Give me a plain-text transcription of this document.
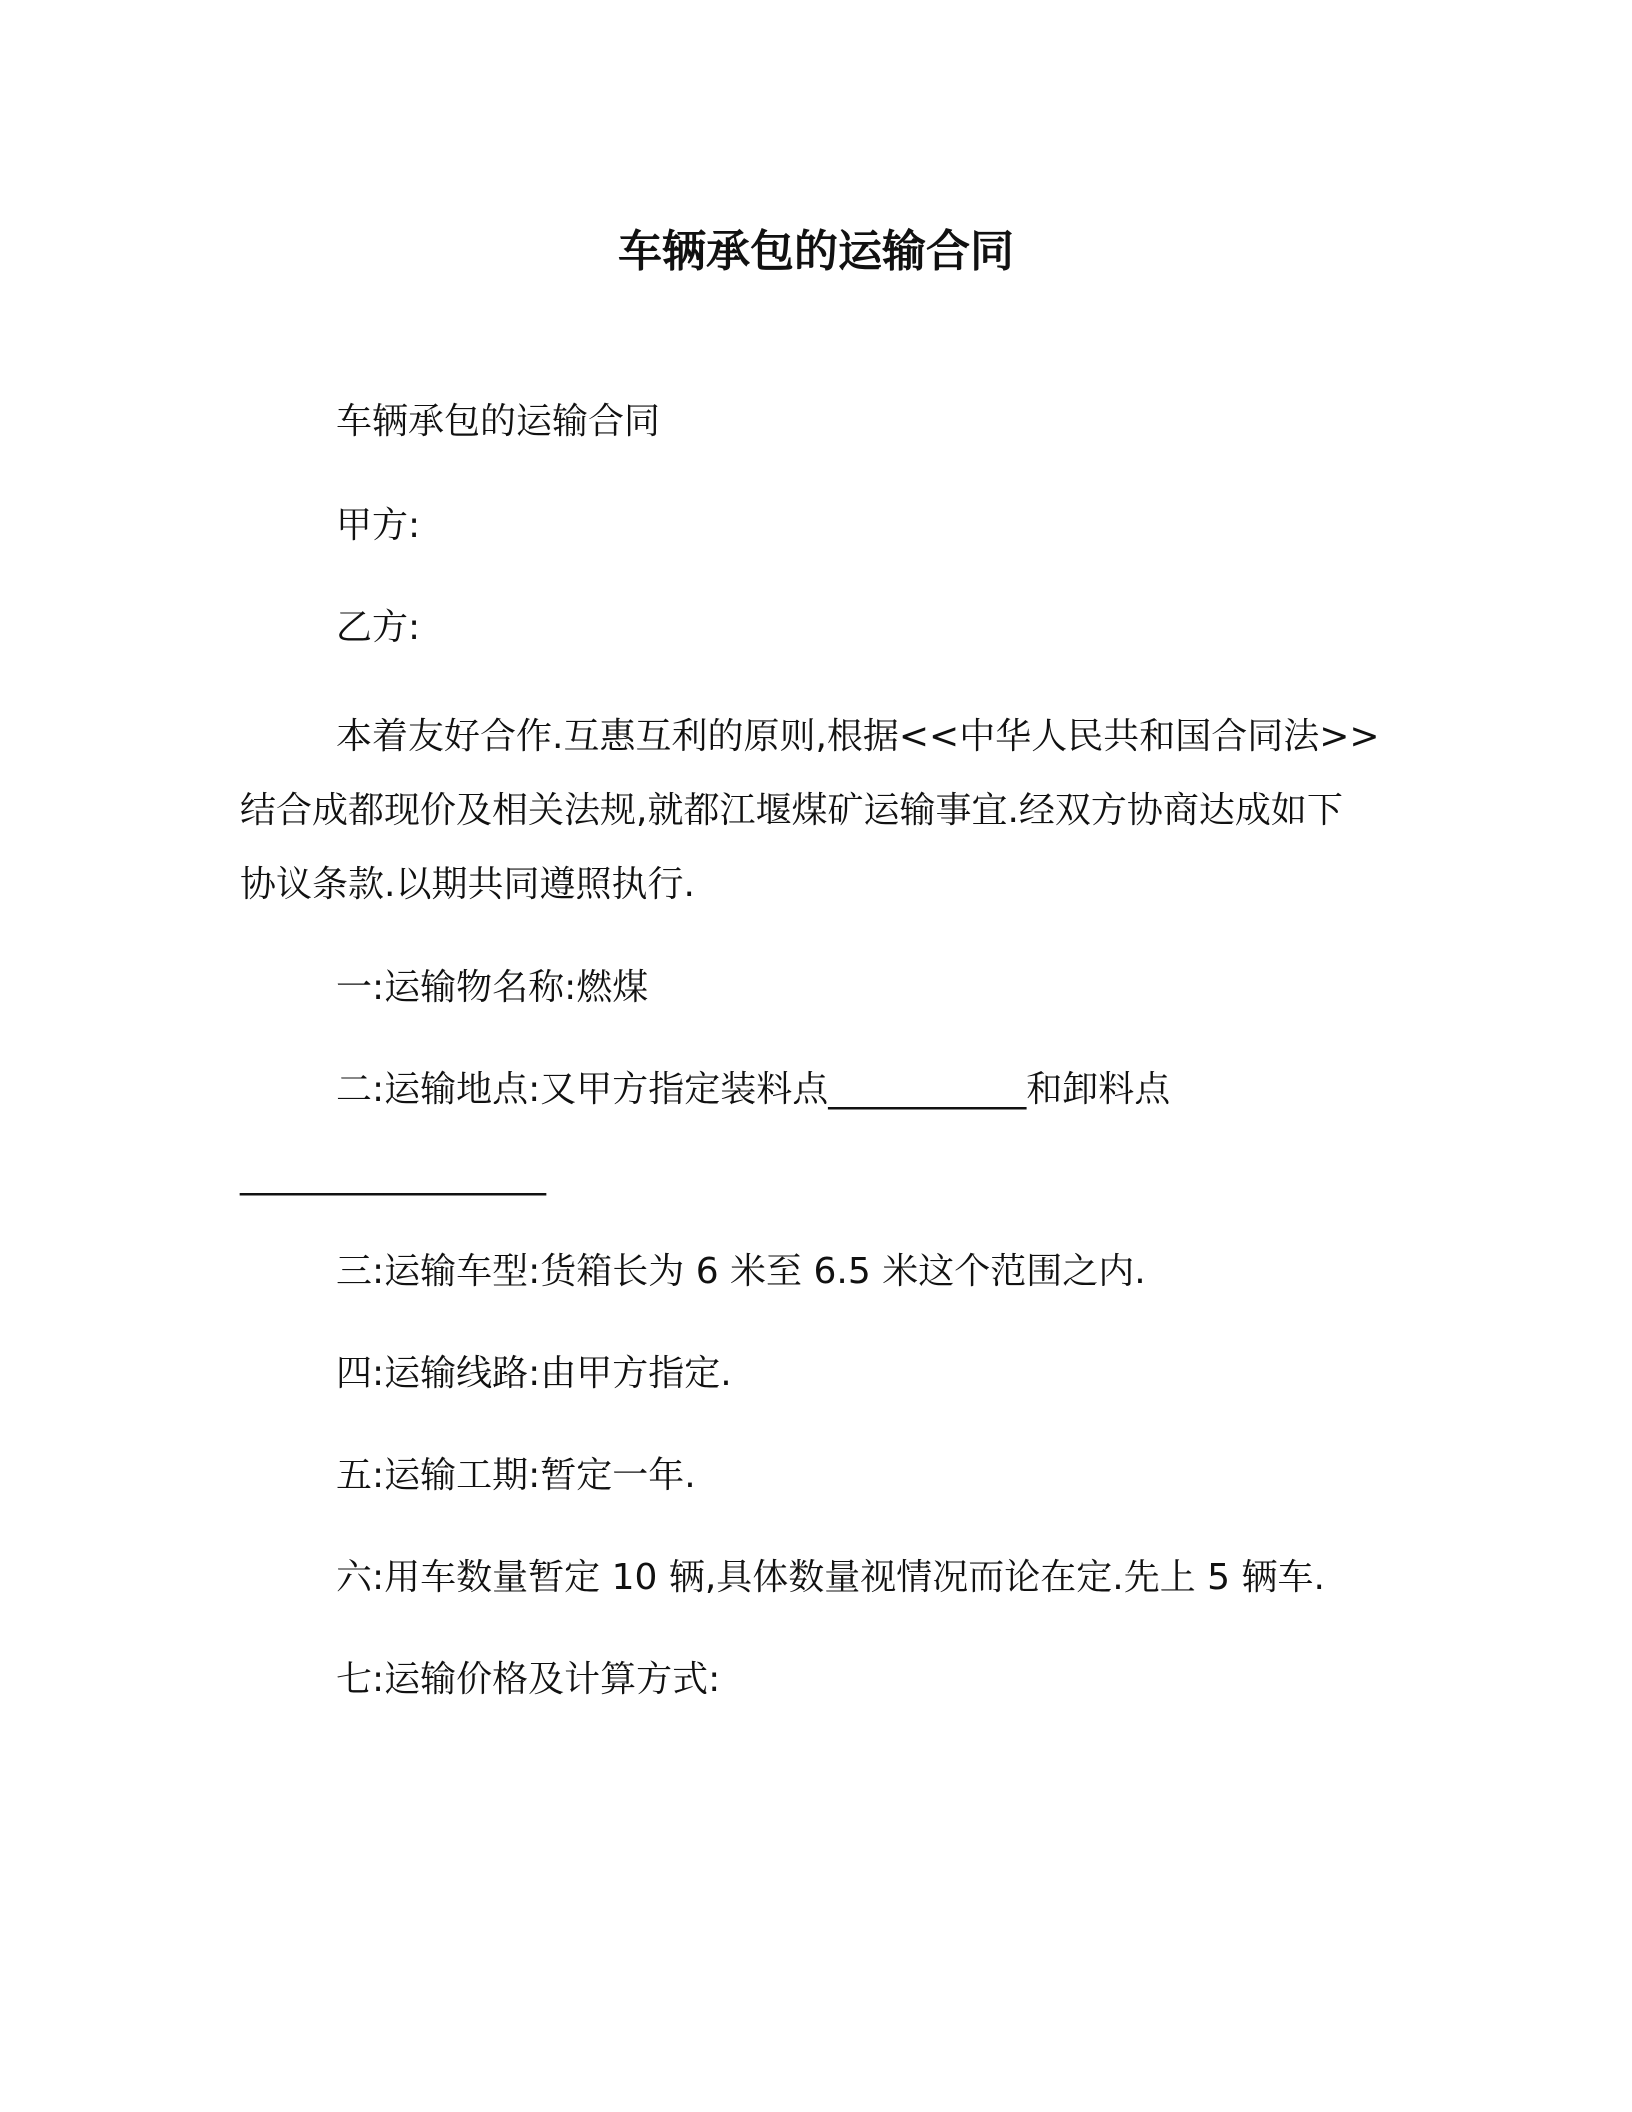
车辆承包的运输合同
车辆承包的运输合同
甲方:
乙方:
本着友好合作.互惠互利的原则,根据<<中华人民共和国合同法>>
结合成都现价及相关法规,就都江堰煤矿运输事宜.经双方协商达成如下
协议条款.以期共同遵照执行.
一:运输物名称:燃煤
二:运输地点:又甲方指定装料点___________和卸料点
_________________
三:运输车型:货箱长为 6 米至 6.5 米这个范围之内.
四:运输线路:由甲方指定.
五:运输工期:暂定一年.
六:用车数量暂定 10 辆,具体数量视情况而论在定.先上 5 辆车.
七:运输价格及计算方式:
